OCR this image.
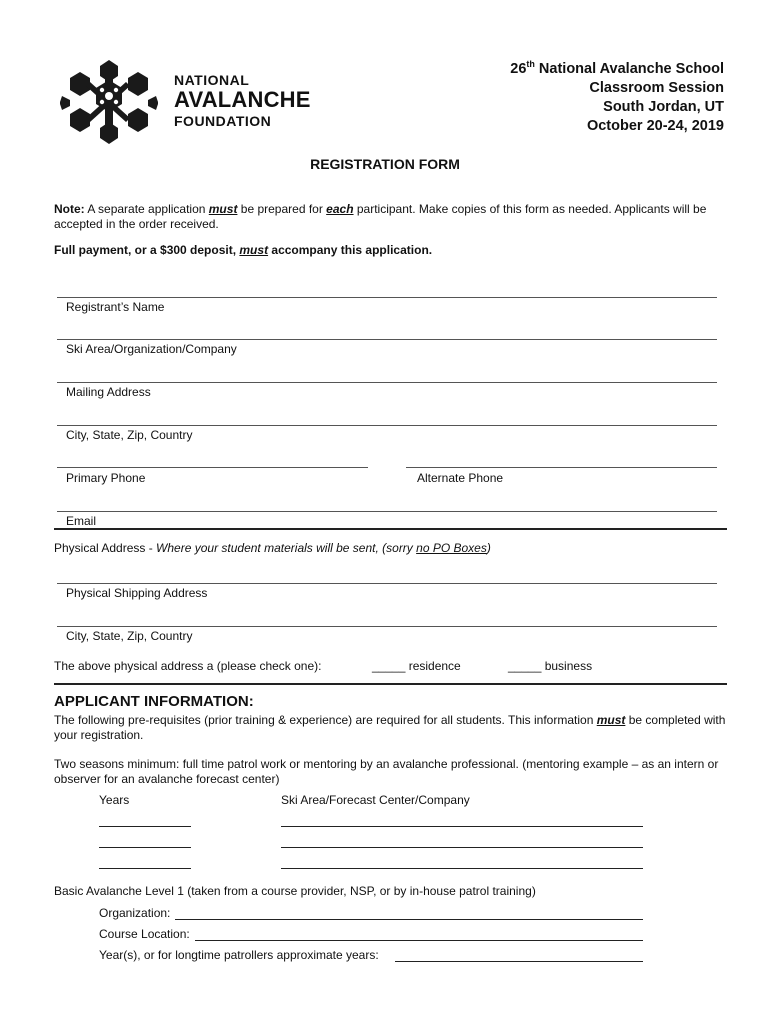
NATIONAL
AVALANCHE
FOUNDATION
26th National Avalanche School
Classroom Session
South Jordan, UT
October 20-24, 2019
REGISTRATION FORM
Note: A separate application must be prepared for each participant. Make copies of this form as needed. Applicants will be accepted in the order received.
Full payment, or a $300 deposit, must accompany this application.
Registrant’s Name
Ski Area/Organization/Company
Mailing Address
City, State, Zip, Country
Primary Phone	Alternate Phone
Email
Physical Address - Where your student materials will be sent, (sorry no PO Boxes)
Physical Shipping Address
City, State, Zip, Country
The above physical address a (please check one):	_____ residence	_____ business
APPLICANT INFORMATION:
The following pre-requisites (prior training & experience) are required for all students. This information must be completed with your registration.
Two seasons minimum: full time patrol work or mentoring by an avalanche professional. (mentoring example – as an intern or observer for an avalanche forecast center)
Years	Ski Area/Forecast Center/Company
Basic Avalanche Level 1 (taken from a course provider, NSP, or by in-house patrol training)
Organization:
Course Location:
Year(s), or for longtime patrollers approximate years:
